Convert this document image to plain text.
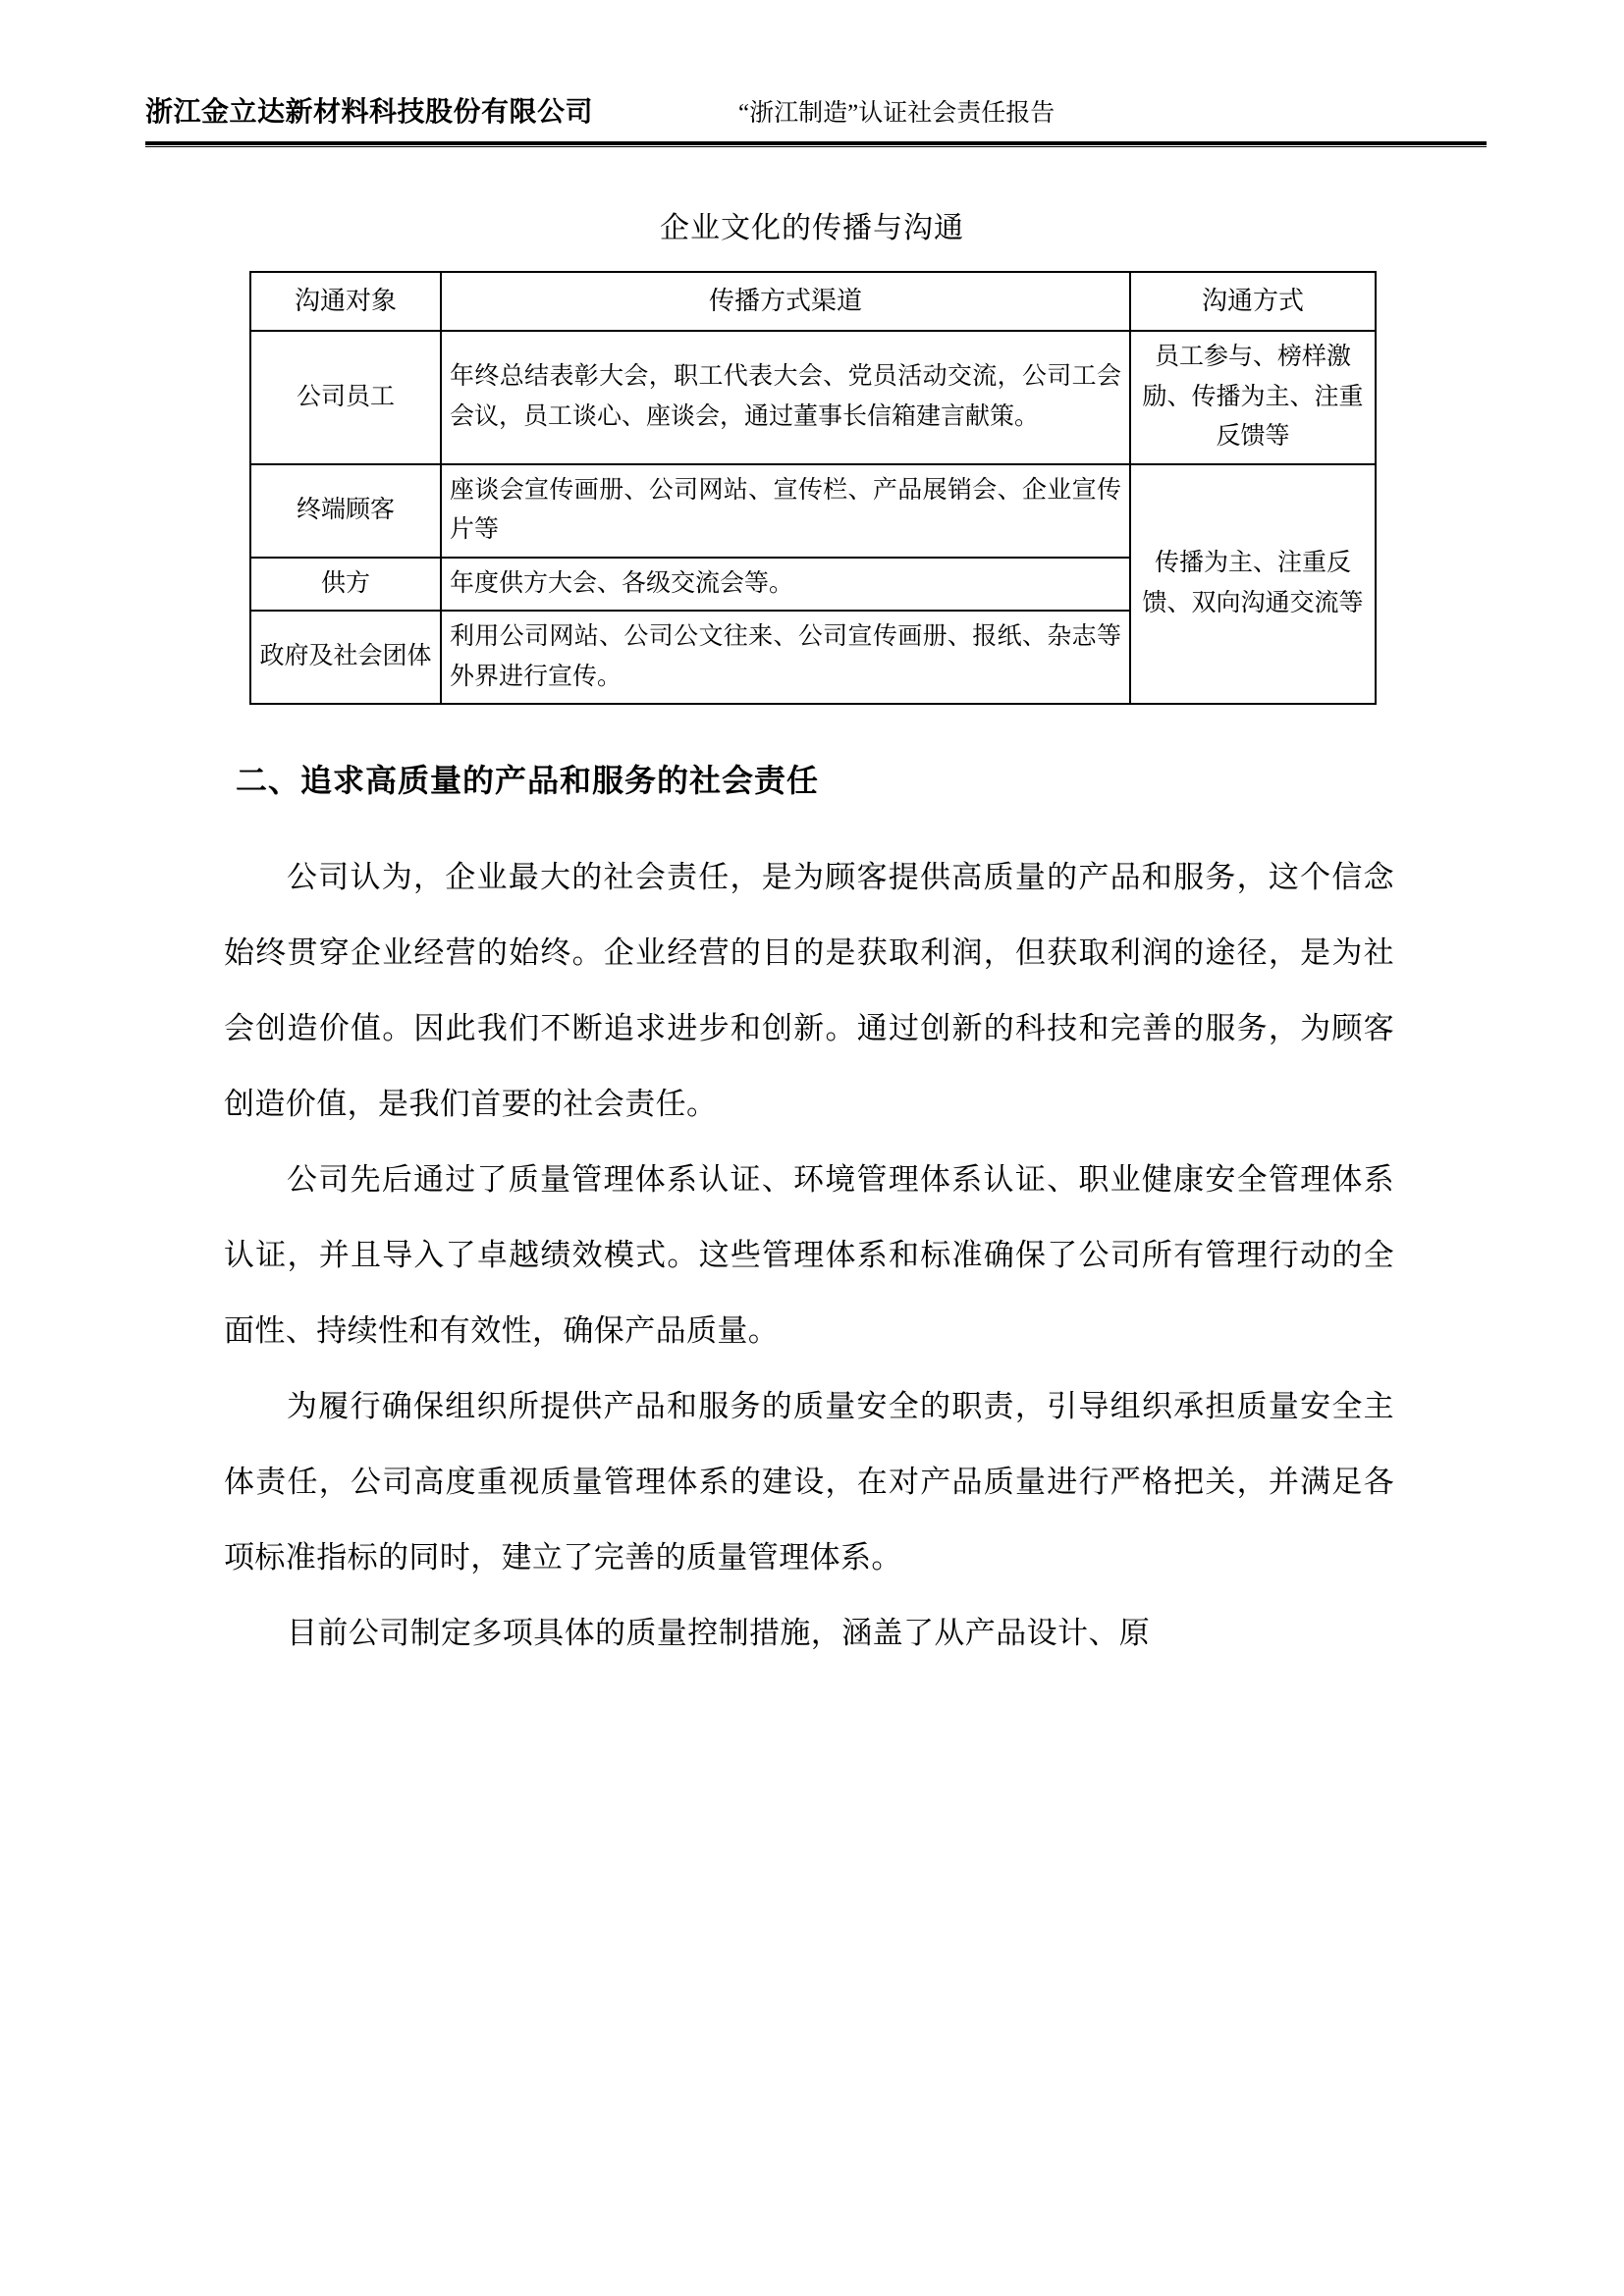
浙江金立达新材料科技股份有限公司	“浙江制造”认证社会责任报告
企业文化的传播与沟通
沟通对象	传播方式渠道	沟通方式
公司员工	年终总结表彰大会，职工代表大会、党员活动交流，公司工会会议，员工谈心、座谈会，通过董事长信箱建言献策。	员工参与、榜样激励、传播为主、注重反馈等
终端顾客	座谈会宣传画册、公司网站、宣传栏、产品展销会、企业宣传片等	传播为主、注重反馈、双向沟通交流等
供方	年度供方大会、各级交流会等。	
政府及社会团体	利用公司网站、公司公文往来、公司宣传画册、报纸、杂志等外界进行宣传。	
二、追求高质量的产品和服务的社会责任

公司认为，企业最大的社会责任，是为顾客提供高质量的产品和服务，这个信念始终贯穿企业经营的始终。企业经营的目的是获取利润，但获取利润的途径，是为社会创造价值。因此我们不断追求进步和创新。通过创新的科技和完善的服务，为顾客创造价值，是我们首要的社会责任。

公司先后通过了质量管理体系认证、环境管理体系认证、职业健康安全管理体系认证，并且导入了卓越绩效模式。这些管理体系和标准确保了公司所有管理行动的全面性、持续性和有效性，确保产品质量。

为履行确保组织所提供产品和服务的质量安全的职责，引导组织承担质量安全主体责任，公司高度重视质量管理体系的建设，在对产品质量进行严格把关，并满足各项标准指标的同时，建立了完善的质量管理体系。

目前公司制定多项具体的质量控制措施，涵盖了从产品设计、原
